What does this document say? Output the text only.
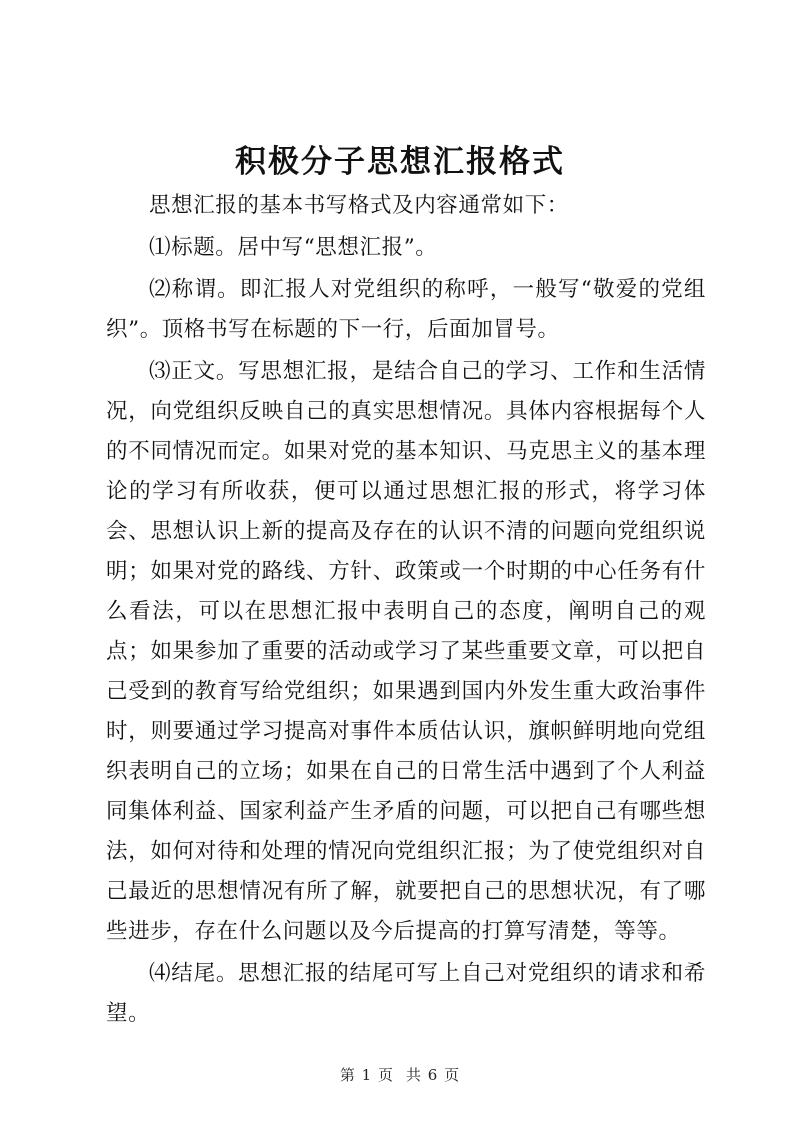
积极分子思想汇报格式

思想汇报的基本书写格式及内容通常如下：

⑴标题。居中写“思想汇报”。

⑵称谓。即汇报人对党组织的称呼，一般写“敬爱的党组织”。顶格书写在标题的下一行，后面加冒号。

⑶正文。写思想汇报，是结合自己的学习、工作和生活情况，向党组织反映自己的真实思想情况。具体内容根据每个人的不同情况而定。如果对党的基本知识、马克思主义的基本理论的学习有所收获，便可以通过思想汇报的形式，将学习体会、思想认识上新的提高及存在的认识不清的问题向党组织说明；如果对党的路线、方针、政策或一个时期的中心任务有什么看法，可以在思想汇报中表明自己的态度，阐明自己的观点；如果参加了重要的活动或学习了某些重要文章，可以把自己受到的教育写给党组织；如果遇到国内外发生重大政治事件时，则要通过学习提高对事件本质估认识，旗帜鲜明地向党组织表明自己的立场；如果在自己的日常生活中遇到了个人利益同集体利益、国家利益产生矛盾的问题，可以把自己有哪些想法，如何对待和处理的情况向党组织汇报；为了使党组织对自己最近的思想情况有所了解，就要把自己的思想状况，有了哪些进步，存在什么问题以及今后提高的打算写清楚，等等。

⑷结尾。思想汇报的结尾可写上自己对党组织的请求和希望。

第 1 页 共 6 页
